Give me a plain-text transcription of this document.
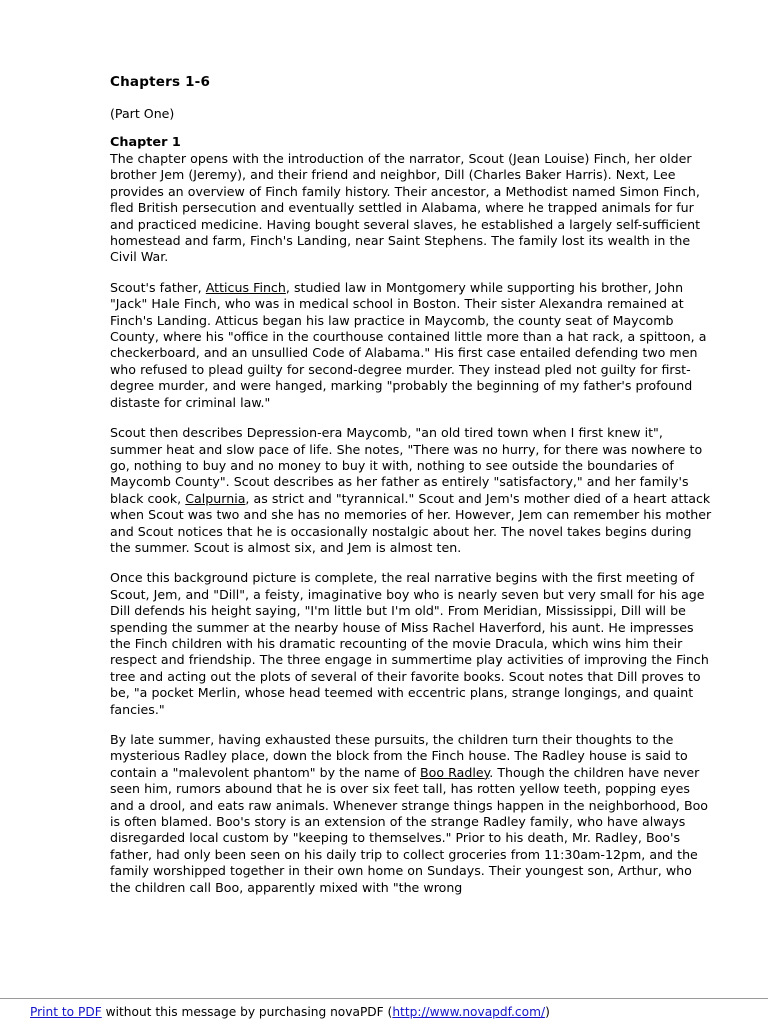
Chapters 1-6
(Part One)
Chapter 1

The chapter opens with the introduction of the narrator, Scout (Jean Louise) Finch, her older brother Jem (Jeremy), and their friend and neighbor, Dill (Charles Baker Harris). Next, Lee provides an overview of Finch family history. Their ancestor, a Methodist named Simon Finch, fled British persecution and eventually settled in Alabama, where he trapped animals for fur and practiced medicine. Having bought several slaves, he established a largely self-sufficient homestead and farm, Finch's Landing, near Saint Stephens. The family lost its wealth in the Civil War.

Scout's father, Atticus Finch, studied law in Montgomery while supporting his brother, John "Jack" Hale Finch, who was in medical school in Boston. Their sister Alexandra remained at Finch's Landing. Atticus began his law practice in Maycomb, the county seat of Maycomb County, where his "office in the courthouse contained little more than a hat rack, a spittoon, a checkerboard, and an unsullied Code of Alabama." His first case entailed defending two men who refused to plead guilty for second-degree murder. They instead pled not guilty for first-degree murder, and were hanged, marking "probably the beginning of my father's profound distaste for criminal law."

Scout then describes Depression-era Maycomb, "an old tired town when I first knew it", summer heat and slow pace of life. She notes, "There was no hurry, for there was nowhere to go, nothing to buy and no money to buy it with, nothing to see outside the boundaries of Maycomb County". Scout describes as her father as entirely "satisfactory," and her family's black cook, Calpurnia, as strict and "tyrannical." Scout and Jem's mother died of a heart attack when Scout was two and she has no memories of her. However, Jem can remember his mother and Scout notices that he is occasionally nostalgic about her. The novel takes begins during the summer. Scout is almost six, and Jem is almost ten.

Once this background picture is complete, the real narrative begins with the first meeting of Scout, Jem, and "Dill", a feisty, imaginative boy who is nearly seven but very small for his age Dill defends his height saying, "I'm little but I'm old". From Meridian, Mississippi, Dill will be spending the summer at the nearby house of Miss Rachel Haverford, his aunt. He impresses the Finch children with his dramatic recounting of the movie Dracula, which wins him their respect and friendship. The three engage in summertime play activities of improving the Finch tree and acting out the plots of several of their favorite books. Scout notes that Dill proves to be, "a pocket Merlin, whose head teemed with eccentric plans, strange longings, and quaint fancies."

By late summer, having exhausted these pursuits, the children turn their thoughts to the mysterious Radley place, down the block from the Finch house. The Radley house is said to contain a "malevolent phantom" by the name of Boo Radley. Though the children have never seen him, rumors abound that he is over six feet tall, has rotten yellow teeth, popping eyes and a drool, and eats raw animals. Whenever strange things happen in the neighborhood, Boo is often blamed. Boo's story is an extension of the strange Radley family, who have always disregarded local custom by "keeping to themselves." Prior to his death, Mr. Radley, Boo's father, had only been seen on his daily trip to collect groceries from 11:30am-12pm, and the family worshipped together in their own home on Sundays. Their youngest son, Arthur, who the children call Boo, apparently mixed with "the wrong

Print to PDF without this message by purchasing novaPDF (http://www.novapdf.com/)
